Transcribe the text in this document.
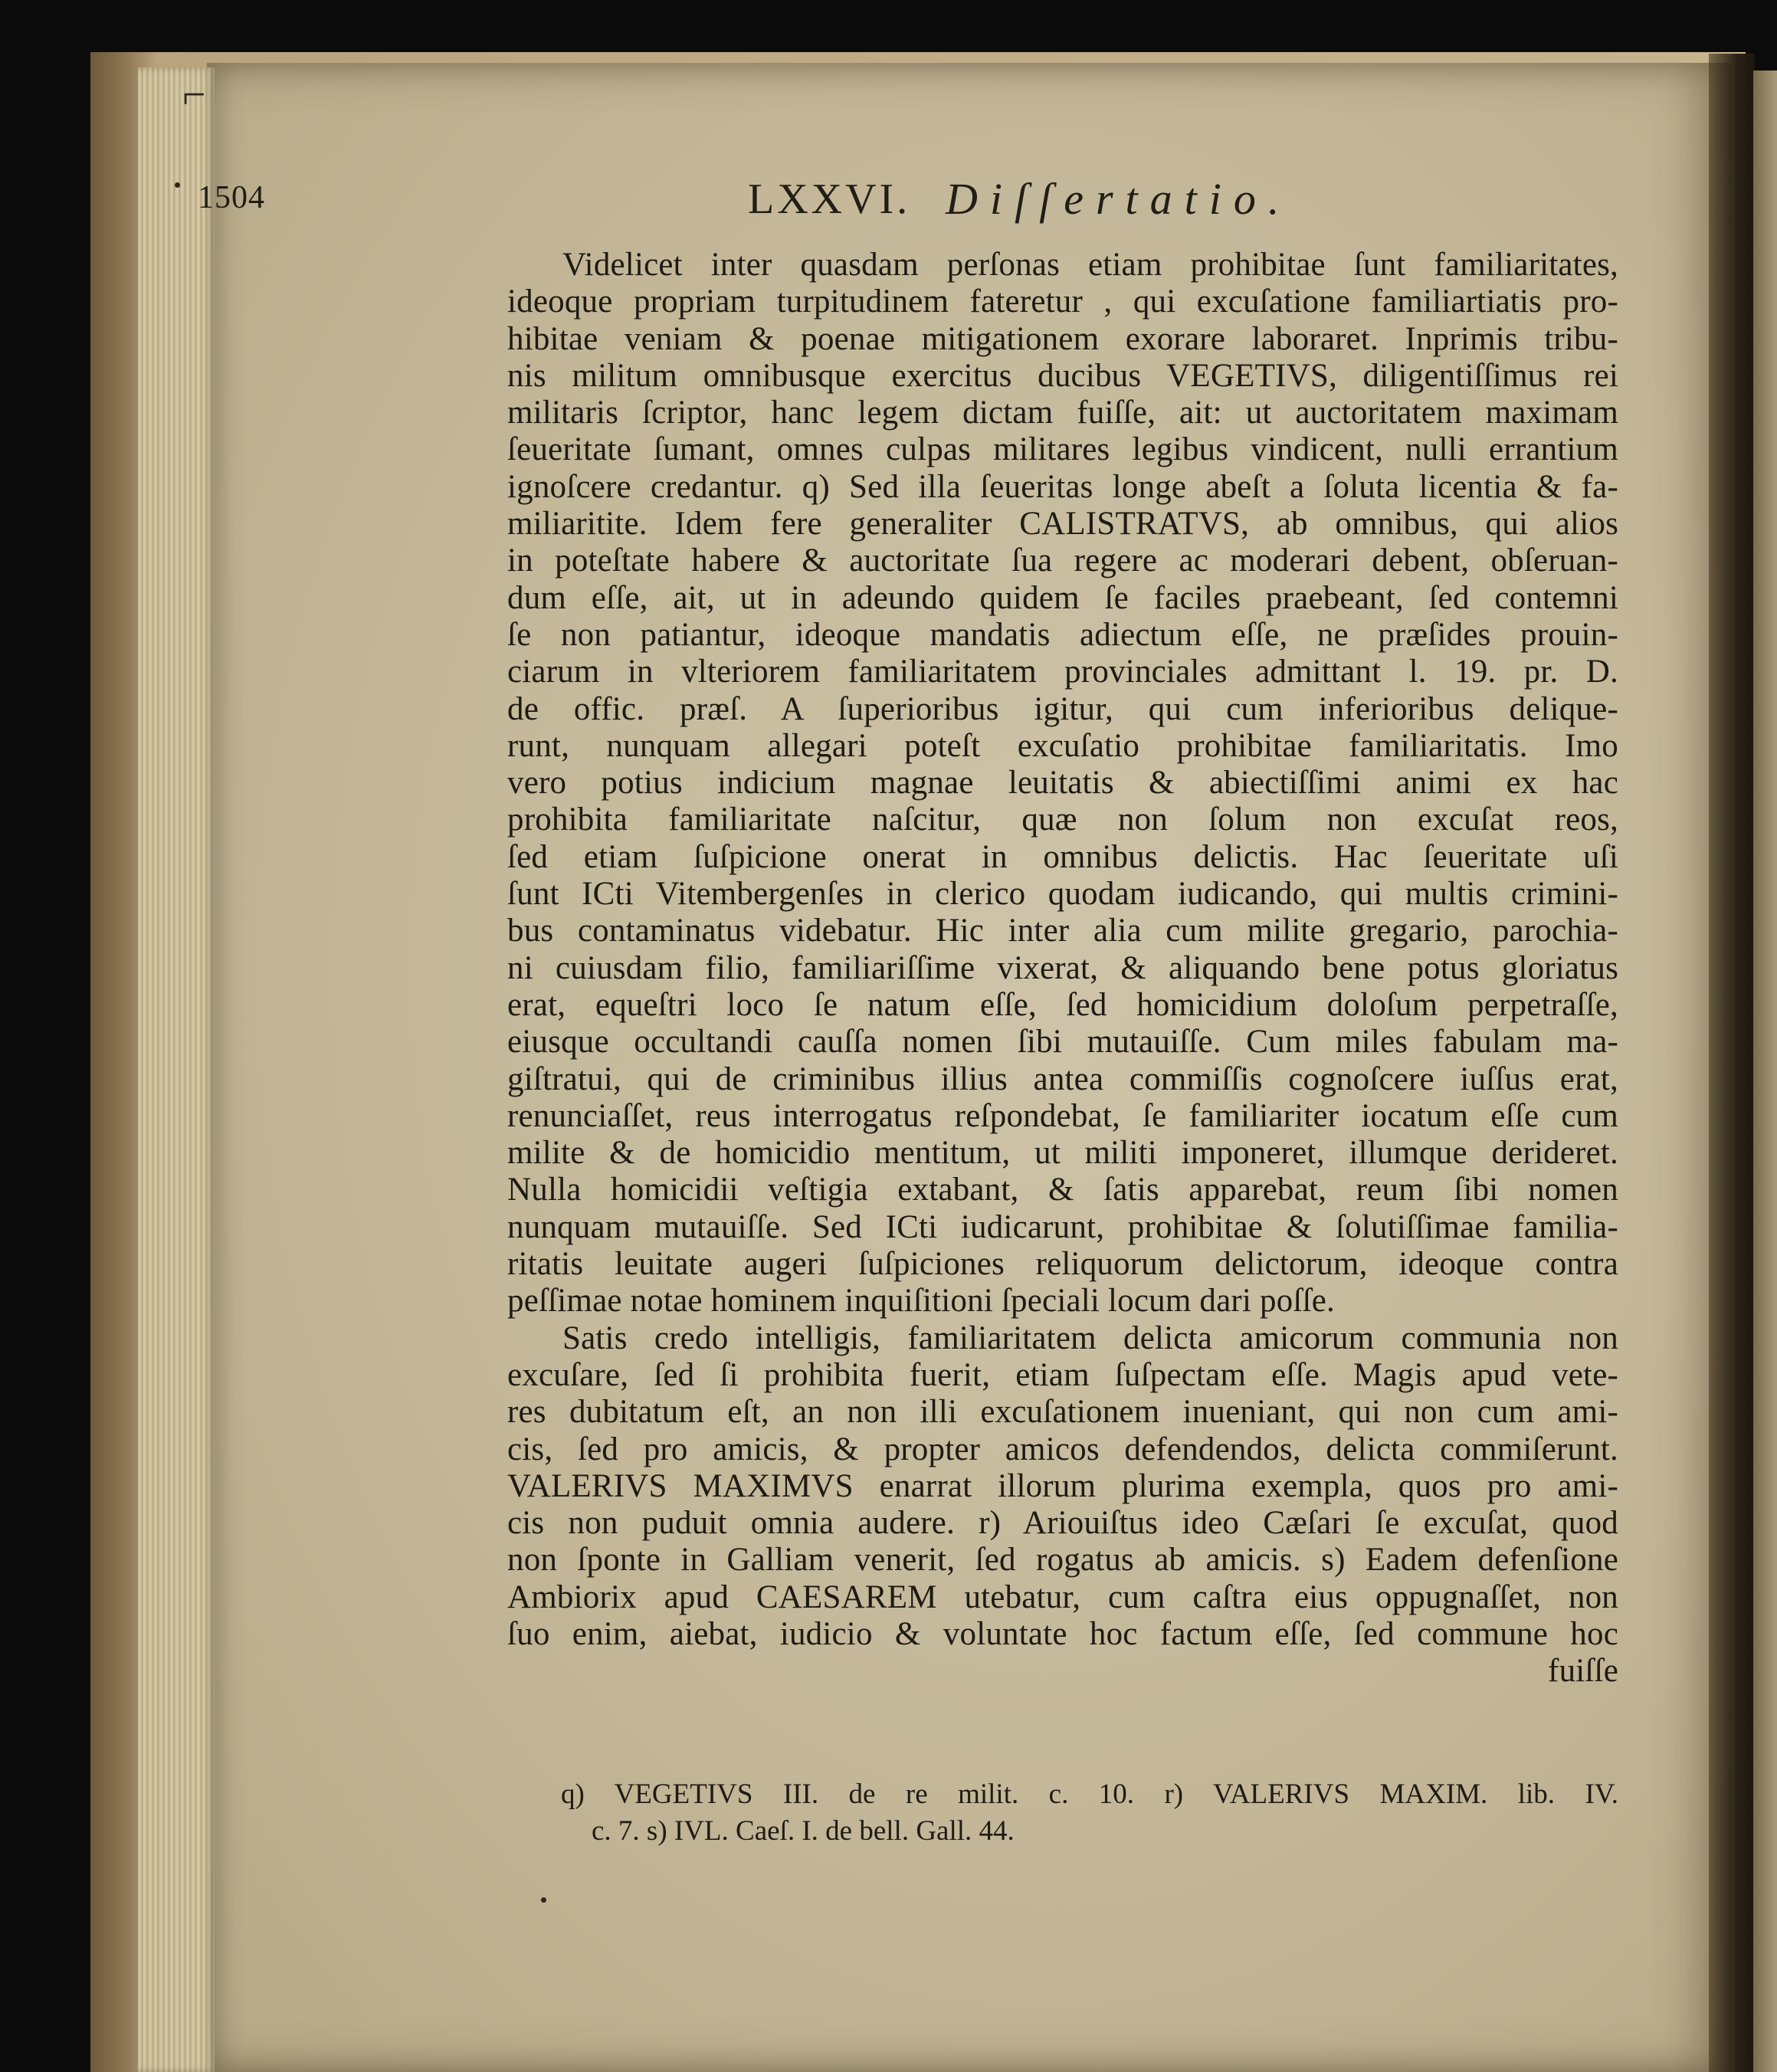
⌐
1504	LXXVI. Diſſertatio.
Videlicet inter quasdam perſonas etiam prohibitae ſunt familiaritates,
ideoque propriam turpitudinem fateretur , qui excuſatione familiartiatis pro-
hibitae veniam & poenae mitigationem exorare laboraret. Inprimis tribu-
nis militum omnibusque exercitus ducibus VEGETIVS, diligentiſſimus rei
militaris ſcriptor, hanc legem dictam fuiſſe, ait: ut auctoritatem maximam
ſeueritate ſumant, omnes culpas militares legibus vindicent, nulli errantium
ignoſcere credantur. q) Sed illa ſeueritas longe abeſt a ſoluta licentia & fa-
miliaritite. Idem fere generaliter CALISTRATVS, ab omnibus, qui alios
in poteſtate habere & auctoritate ſua regere ac moderari debent, obſeruan-
dum eſſe, ait, ut in adeundo quidem ſe faciles praebeant, ſed contemni
ſe non patiantur, ideoque mandatis adiectum eſſe, ne præſides prouin-
ciarum in vlteriorem familiaritatem provinciales admittant l. 19. pr. D.
de offic. præſ. A ſuperioribus igitur, qui cum inferioribus delique-
runt, nunquam allegari poteſt excuſatio prohibitae familiaritatis. Imo
vero potius indicium magnae leuitatis & abiectiſſimi animi ex hac
prohibita familiaritate naſcitur, quæ non ſolum non excuſat reos,
ſed etiam ſuſpicione onerat in omnibus delictis. Hac ſeueritate uſi
ſunt ICti Vitembergenſes in clerico quodam iudicando, qui multis crimini-
bus contaminatus videbatur. Hic inter alia cum milite gregario, parochia-
ni cuiusdam filio, familiariſſime vixerat, & aliquando bene potus gloriatus
erat, equeſtri loco ſe natum eſſe, ſed homicidium doloſum perpetraſſe,
eiusque occultandi cauſſa nomen ſibi mutauiſſe. Cum miles fabulam ma-
giſtratui, qui de criminibus illius antea commiſſis cognoſcere iuſſus erat,
renunciaſſet, reus interrogatus reſpondebat, ſe familiariter iocatum eſſe cum
milite & de homicidio mentitum, ut militi imponeret, illumque derideret.
Nulla homicidii veſtigia extabant, & ſatis apparebat, reum ſibi nomen
nunquam mutauiſſe. Sed ICti iudicarunt, prohibitae & ſolutiſſimae familia-
ritatis leuitate augeri ſuſpiciones reliquorum delictorum, ideoque contra
peſſimae notae hominem inquiſitioni ſpeciali locum dari poſſe.
Satis credo intelligis, familiaritatem delicta amicorum communia non
excuſare, ſed ſi prohibita fuerit, etiam ſuſpectam eſſe. Magis apud vete-
res dubitatum eſt, an non illi excuſationem inueniant, qui non cum ami-
cis, ſed pro amicis, & propter amicos defendendos, delicta commiſerunt.
VALERIVS MAXIMVS enarrat illorum plurima exempla, quos pro ami-
cis non puduit omnia audere. r) Ariouiſtus ideo Cæſari ſe excuſat, quod
non ſponte in Galliam venerit, ſed rogatus ab amicis. s) Eadem defenſione
Ambiorix apud CAESAREM utebatur, cum caſtra eius oppugnaſſet, non
ſuo enim, aiebat, iudicio & voluntate hoc factum eſſe, ſed commune hoc
fuiſſe
q) VEGETIVS III. de re milit. c. 10. r) VALERIVS MAXIM. lib. IV.
c. 7. s) IVL. Caeſ. I. de bell. Gall. 44.
